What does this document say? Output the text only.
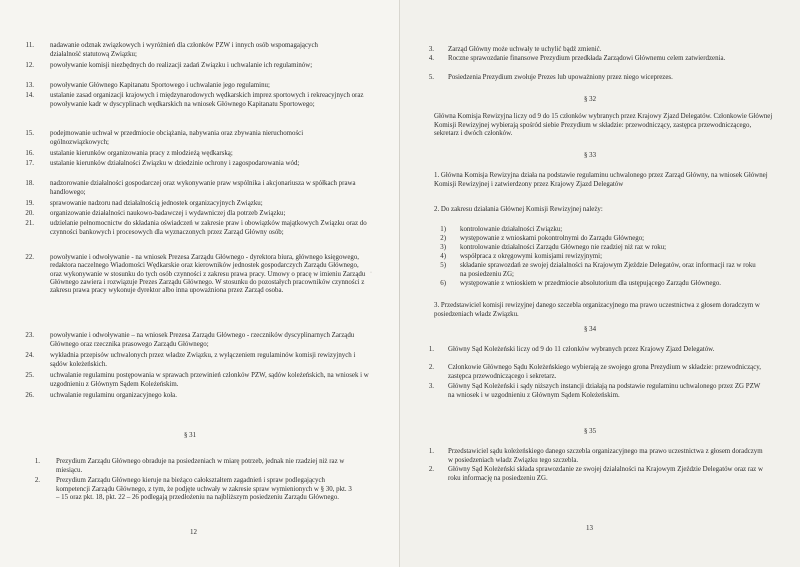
11. nadawanie odznak związkowych i wyróżnień dla członków PZW i innych osób wspomagających działalność statutową Związku;
12. powoływanie komisji niezbędnych do realizacji zadań Związku i uchwalanie ich regulaminów;
13. powoływanie Głównego Kapitanatu Sportowego i uchwalanie jego regulaminu;
14. ustalanie zasad organizacji krajowych i międzynarodowych wędkarskich imprez sportowych i rekreacyjnych oraz powoływanie kadr w dyscyplinach wędkarskich na wniosek Głównego Kapitanatu Sportowego;
15. podejmowanie uchwał w przedmiocie obciążania, nabywania oraz zbywania nieruchomości ogólnozwiązkowych;
16. ustalanie kierunków organizowania pracy z młodzieżą wędkarską;
17. ustalanie kierunków działalności Związku w dziedzinie ochrony i zagospodarowania wód;
18. nadzorowanie działalności gospodarczej oraz wykonywanie praw wspólnika i akcjonariusza w spółkach prawa handlowego;
19. sprawowanie nadzoru nad działalnością jednostek organizacyjnych Związku;
20. organizowanie działalności naukowo-badawczej i wydawniczej dla potrzeb Związku;
21. udzielanie pełnomocnictw do składania oświadczeń w zakresie praw i obowiązków majątkowych Związku oraz do czynności bankowych i procesowych dla wyznaczonych przez Zarząd Główny osób;
22. powoływanie i odwoływanie - na wniosek Prezesa Zarządu Głównego - dyrektora biura, głównego księgowego, redaktora naczelnego Wiadomości Wędkarskie oraz kierowników jednostek gospodarczych Zarządu Głównego, oraz wykonywanie w stosunku do tych osób czynności z zakresu prawa pracy. Umowy o pracę w imieniu Zarządu Głównego zawiera i rozwiązuje Prezes Zarządu Głównego. W stosunku do pozostałych pracowników czynności z zakresu prawa pracy wykonuje dyrektor albo inna upoważniona przez Zarząd osoba.
23. powoływanie i odwoływanie – na wniosek Prezesa Zarządu Głównego - rzeczników dyscyplinarnych Zarządu Głównego oraz rzecznika prasowego Zarządu Głównego;
24. wykładnia przepisów uchwalonych przez władze Związku, z wyłączeniem regulaminów komisji rewizyjnych i sądów koleżeńskich.
25. uchwalanie regulaminu postępowania w sprawach przewinień członków PZW, sądów koleżeńskich, na wniosek i w uzgodnieniu z Głównym Sądem Koleżeńskim.
26. uchwalanie regulaminu organizacyjnego koła.
§ 31
1. Prezydium Zarządu Głównego obraduje na posiedzeniach w miarę potrzeb, jednak nie rzadziej niż raz w miesiącu.
2. Prezydium Zarządu Głównego kieruje na bieżąco całokształtem zagadnień i spraw podlegających kompetencji Zarządu Głównego, z tym, że podjęte uchwały w zakresie spraw wymienionych w § 30, pkt. 3 – 15 oraz pkt. 18, pkt. 22 – 26 podlegają przedłożeniu na najbliższym posiedzeniu Zarządu Głównego.
12
·
3. Zarząd Główny może uchwały te uchylić bądź zmienić.
4. Roczne sprawozdanie finansowe Prezydium przedkłada Zarządowi Głównemu celem zatwierdzenia.
5. Posiedzenia Prezydium zwołuje Prezes lub upoważniony przez niego wiceprezes.
§ 32
Główna Komisja Rewizyjna liczy od 9 do 15 członków wybranych przez Krajowy Zjazd Delegatów. Członkowie Głównej Komisji Rewizyjnej wybierają spośród siebie Prezydium w składzie: przewodniczący, zastępca przewodniczącego, sekretarz i dwóch członków.
§ 33
1. Główna Komisja Rewizyjna działa na podstawie regulaminu uchwalonego przez Zarząd Główny, na wniosek Głównej Komisji Rewizyjnej i zatwierdzony przez Krajowy Zjazd Delegatów
2. Do zakresu działania Głównej Komisji Rewizyjnej należy:
1) kontrolowanie działalności Związku;
2) występowanie z wnioskami pokontrolnymi do Zarządu Głównego;
3) kontrolowanie działalności Zarządu Głównego nie rzadziej niż raz w roku;
4) współpraca z okręgowymi komisjami rewizyjnymi;
5) składanie sprawozdań ze swojej działalności na Krajowym Zjeździe Delegatów, oraz informacji raz w roku na posiedzeniu ZG;
6) występowanie z wnioskiem w przedmiocie absolutorium dla ustępującego Zarządu Głównego.
3. Przedstawiciel komisji rewizyjnej danego szczebla organizacyjnego ma prawo uczestnictwa z głosem doradczym w posiedzeniach władz Związku.
§ 34
1. Główny Sąd Koleżeński liczy od 9 do 11 członków wybranych przez Krajowy Zjazd Delegatów.
2. Członkowie Głównego Sądu Koleżeńskiego wybierają ze swojego grona Prezydium w składzie: przewodniczący, zastępca przewodniczącego i sekretarz.
3. Główny Sąd Koleżeński i sądy niższych instancji działają na podstawie regulaminu uchwalonego przez ZG PZW na wniosek i w uzgodnieniu z Głównym Sądem Koleżeńskim.
§ 35
1. Przedstawiciel sądu koleżeńskiego danego szczebla organizacyjnego ma prawo uczestnictwa z głosem doradczym w posiedzeniach władz Związku tego szczebla.
2. Główny Sąd Koleżeński składa sprawozdanie ze swojej działalności na Krajowym Zjeździe Delegatów oraz raz w roku informację na posiedzeniu ZG.
13
